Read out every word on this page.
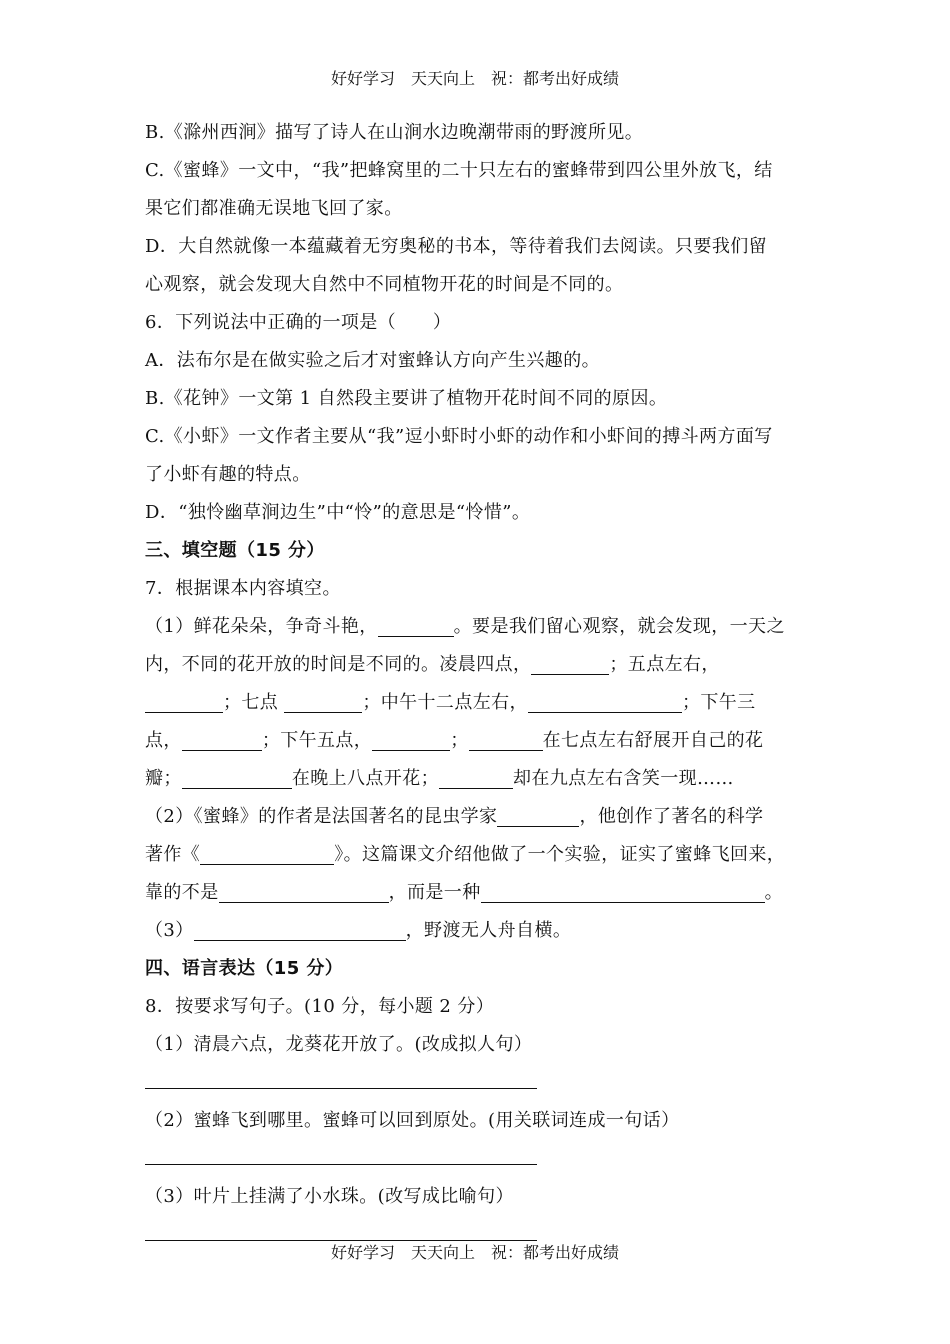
好好学习　天天向上　祝：都考出好成绩
B.《滁州西涧》描写了诗人在山涧水边晚潮带雨的野渡所见。
C.《蜜蜂》一文中，“我”把蜂窝里的二十只左右的蜜蜂带到四公里外放飞，结
果它们都准确无误地飞回了家。
D．大自然就像一本蕴藏着无穷奥秘的书本，等待着我们去阅读。只要我们留
心观察，就会发现大自然中不同植物开花的时间是不同的。
6．下列说法中正确的一项是（　　）
A．法布尔是在做实验之后才对蜜蜂认方向产生兴趣的。
B.《花钟》一文第 1 自然段主要讲了植物开花时间不同的原因。
C.《小虾》一文作者主要从“我”逗小虾时小虾的动作和小虾间的搏斗两方面写
了小虾有趣的特点。
D．“独怜幽草涧边生”中“怜”的意思是“怜惜”。
三、填空题（15 分）
7．根据课本内容填空。
（1）鲜花朵朵，争奇斗艳，	。要是我们留心观察，就会发现，一天之
内，不同的花开放的时间是不同的。凌晨四点，	；五点左右，
；七点	；中午十二点左右，	；下午三
点，	；下午五点，	；	在七点左右舒展开自己的花
瓣；	在晚上八点开花；	却在九点左右含笑一现……
（2）《蜜蜂》的作者是法国著名的昆虫学家	，他创作了著名的科学
著作《	》。这篇课文介绍他做了一个实验，证实了蜜蜂飞回来，
靠的不是	，而是一种	。
（3）	，野渡无人舟自横。
四、语言表达（15 分）
8．按要求写句子。(10 分，每小题 2 分）
（1）清晨六点，龙葵花开放了。(改成拟人句）
（2）蜜蜂飞到哪里。蜜蜂可以回到原处。(用关联词连成一句话）
（3）叶片上挂满了小水珠。(改写成比喻句）
好好学习　天天向上　祝：都考出好成绩
